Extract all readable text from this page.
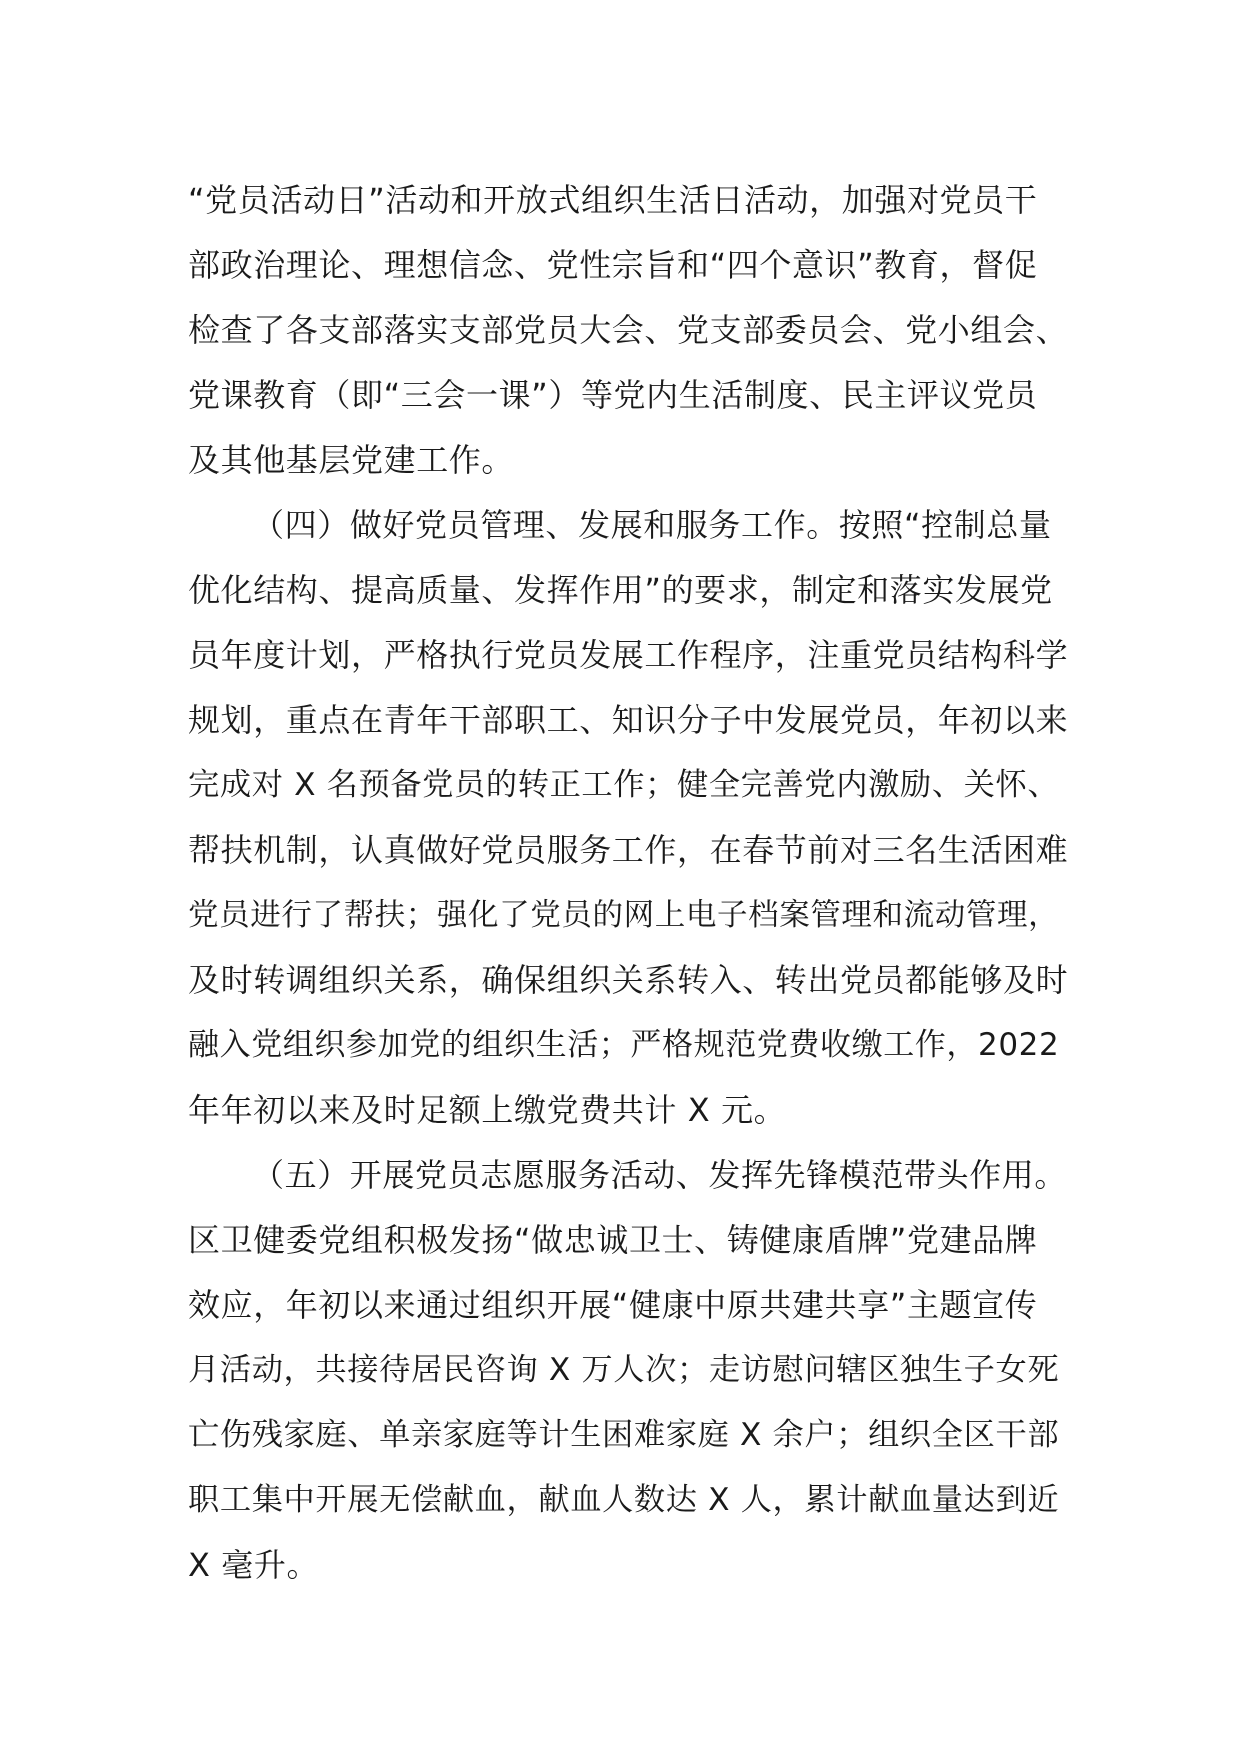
“党员活动日”活动和开放式组织生活日活动，加强对党员干
部政治理论、理想信念、党性宗旨和“四个意识”教育，督促
检查了各支部落实支部党员大会、党支部委员会、党小组会、
党课教育（即“三会一课”）等党内生活制度、民主评议党员
及其他基层党建工作。
（四）做好党员管理、发展和服务工作。按照“控制总量
优化结构、提高质量、发挥作用”的要求，制定和落实发展党
员年度计划，严格执行党员发展工作程序，注重党员结构科学
规划，重点在青年干部职工、知识分子中发展党员，年初以来
完成对 X 名预备党员的转正工作；健全完善党内激励、关怀、
帮扶机制，认真做好党员服务工作，在春节前对三名生活困难
党员进行了帮扶；强化了党员的网上电子档案管理和流动管理，
及时转调组织关系，确保组织关系转入、转出党员都能够及时
融入党组织参加党的组织生活；严格规范党费收缴工作，2022
年年初以来及时足额上缴党费共计 X 元。
（五）开展党员志愿服务活动、发挥先锋模范带头作用。
区卫健委党组积极发扬“做忠诚卫士、铸健康盾牌”党建品牌
效应，年初以来通过组织开展“健康中原共建共享”主题宣传
月活动，共接待居民咨询 X 万人次；走访慰问辖区独生子女死
亡伤残家庭、单亲家庭等计生困难家庭 X 余户；组织全区干部
职工集中开展无偿献血，献血人数达 X 人，累计献血量达到近
X 毫升。
